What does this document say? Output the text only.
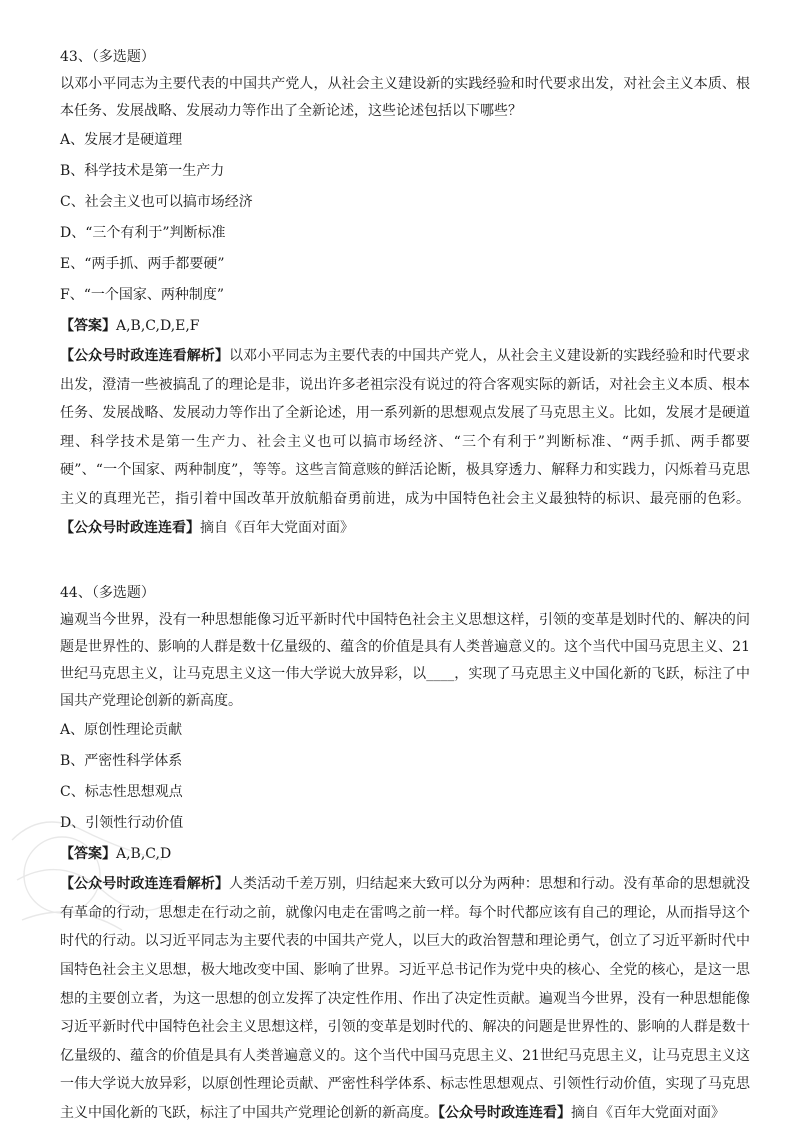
43、（多选题）

以邓小平同志为主要代表的中国共产党人，从社会主义建设新的实践经验和时代要求出发，对社会主义本质、根本任务、发展战略、发展动力等作出了全新论述，这些论述包括以下哪些？

A、发展才是硬道理
B、科学技术是第一生产力
C、社会主义也可以搞市场经济
D、“三个有利于”判断标准
E、“两手抓、两手都要硬”
F、“一个国家、两种制度”

【答案】A,B,C,D,E,F

【公众号时政连连看解析】以邓小平同志为主要代表的中国共产党人，从社会主义建设新的实践经验和时代要求出发，澄清一些被搞乱了的理论是非，说出许多老祖宗没有说过的符合客观实际的新话，对社会主义本质、根本任务、发展战略、发展动力等作出了全新论述，用一系列新的思想观点发展了马克思主义。比如，发展才是硬道理、科学技术是第一生产力、社会主义也可以搞市场经济、“三个有利于”判断标准、“两手抓、两手都要硬”、“一个国家、两种制度”，等等。这些言简意赅的鲜活论断，极具穿透力、解释力和实践力，闪烁着马克思主义的真理光芒，指引着中国改革开放航船奋勇前进，成为中国特色社会主义最独特的标识、最亮丽的色彩。【公众号时政连连看】摘自《百年大党面对面》

44、（多选题）

遍观当今世界，没有一种思想能像习近平新时代中国特色社会主义思想这样，引领的变革是划时代的、解决的问题是世界性的、影响的人群是数十亿量级的、蕴含的价值是具有人类普遍意义的。这个当代中国马克思主义、21世纪马克思主义，让马克思主义这一伟大学说大放异彩，以____，实现了马克思主义中国化新的飞跃，标注了中国共产党理论创新的新高度。

A、原创性理论贡献
B、严密性科学体系
C、标志性思想观点
D、引领性行动价值

【答案】A,B,C,D

【公众号时政连连看解析】人类活动千差万别，归结起来大致可以分为两种：思想和行动。没有革命的思想就没有革命的行动，思想走在行动之前，就像闪电走在雷鸣之前一样。每个时代都应该有自己的理论，从而指导这个时代的行动。以习近平同志为主要代表的中国共产党人，以巨大的政治智慧和理论勇气，创立了习近平新时代中国特色社会主义思想，极大地改变中国、影响了世界。习近平总书记作为党中央的核心、全党的核心，是这一思想的主要创立者，为这一思想的创立发挥了决定性作用、作出了决定性贡献。遍观当今世界，没有一种思想能像习近平新时代中国特色社会主义思想这样，引领的变革是划时代的、解决的问题是世界性的、影响的人群是数十亿量级的、蕴含的价值是具有人类普遍意义的。这个当代中国马克思主义、21世纪马克思主义，让马克思主义这一伟大学说大放异彩，以原创性理论贡献、严密性科学体系、标志性思想观点、引领性行动价值，实现了马克思主义中国化新的飞跃，标注了中国共产党理论创新的新高度。【公众号时政连连看】摘自《百年大党面对面》
